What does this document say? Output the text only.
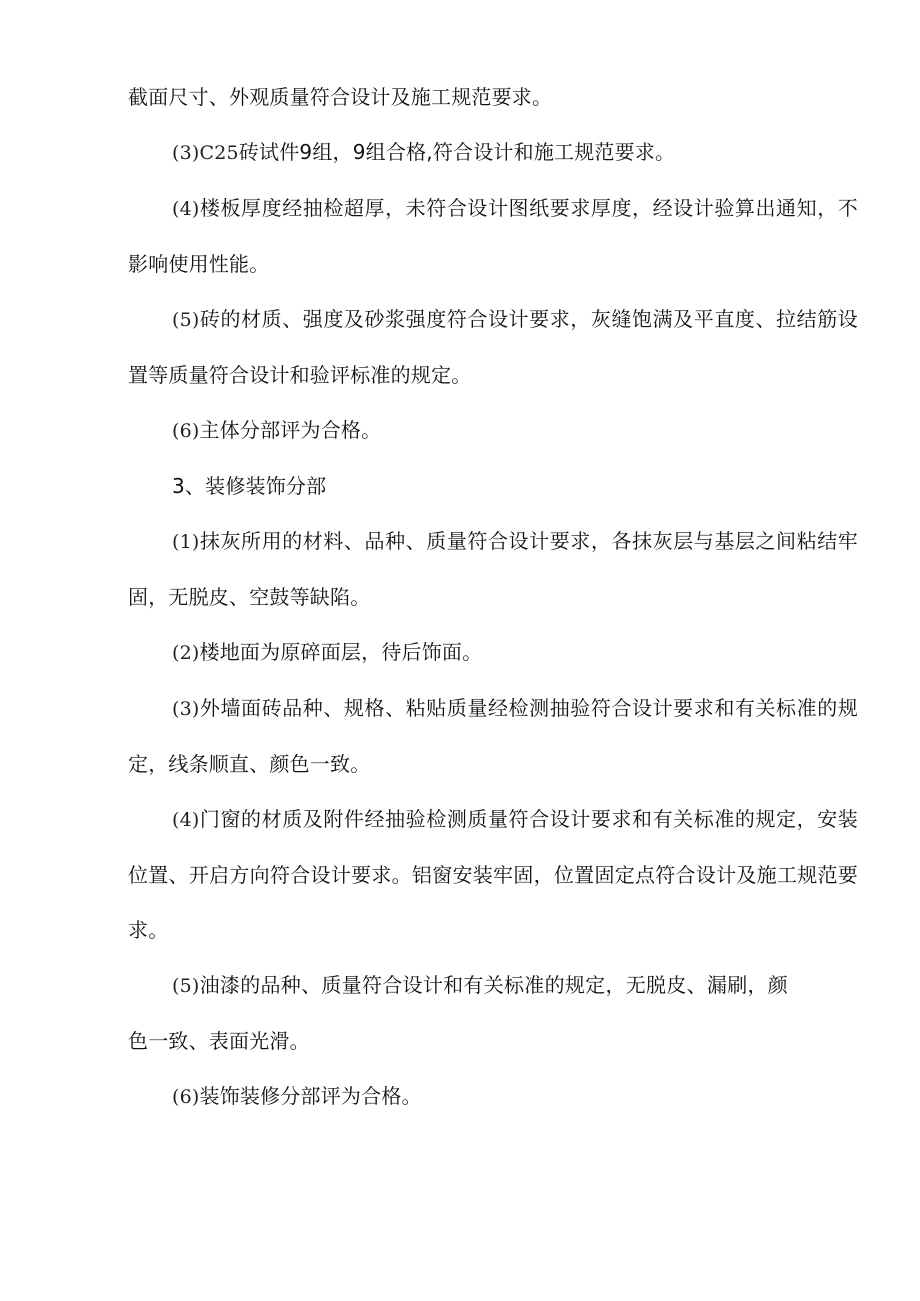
截面尺寸、外观质量符合设计及施工规范要求。

(3)C25砖试件9组，9组合格,符合设计和施工规范要求。

(4)楼板厚度经抽检超厚，未符合设计图纸要求厚度，经设计验算出通知，不影响使用性能。

(5)砖的材质、强度及砂浆强度符合设计要求，灰缝饱满及平直度、拉结筋设置等质量符合设计和验评标准的规定。

(6)主体分部评为合格。

3、装修装饰分部

(1)抹灰所用的材料、品种、质量符合设计要求，各抹灰层与基层之间粘结牢固，无脱皮、空鼓等缺陷。

(2)楼地面为原碎面层，待后饰面。

(3)外墙面砖品种、规格、粘贴质量经检测抽验符合设计要求和有关标准的规定，线条顺直、颜色一致。

(4)门窗的材质及附件经抽验检测质量符合设计要求和有关标准的规定，安装位置、开启方向符合设计要求。铝窗安装牢固，位置固定点符合设计及施工规范要求。

(5)油漆的品种、质量符合设计和有关标准的规定，无脱皮、漏刷，颜色一致、表面光滑。

(6)装饰装修分部评为合格。
